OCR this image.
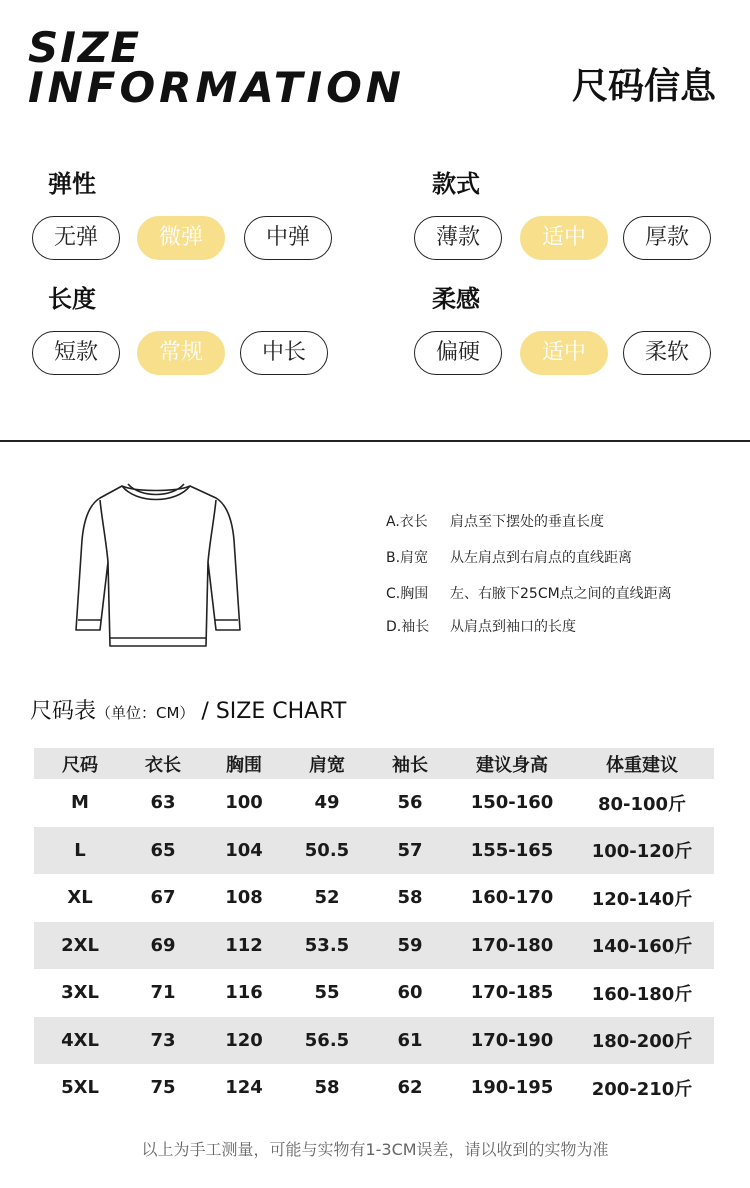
SIZE
INFORMATION	尺码信息
弹性
无弹	微弹	中弹
款式
薄款	适中	厚款
长度
短款	常规	中长
柔感
偏硬	适中	柔软
A.衣长 肩点至下摆处的垂直长度
B.肩宽 从左肩点到右肩点的直线距离
C.胸围 左、右腋下25CM点之间的直线距离
D.袖长 从肩点到袖口的长度
尺码表（单位：CM） / SIZE CHART
尺码	衣长	胸围	肩宽	袖长	建议身高	体重建议
M	63	100	49	56	150-160	80-100斤
L	65	104	50.5	57	155-165	100-120斤
XL	67	108	52	58	160-170	120-140斤
2XL	69	112	53.5	59	170-180	140-160斤
3XL	71	116	55	60	170-185	160-180斤
4XL	73	120	56.5	61	170-190	180-200斤
5XL	75	124	58	62	190-195	200-210斤
以上为手工测量，可能与实物有1-3CM误差，请以收到的实物为准
